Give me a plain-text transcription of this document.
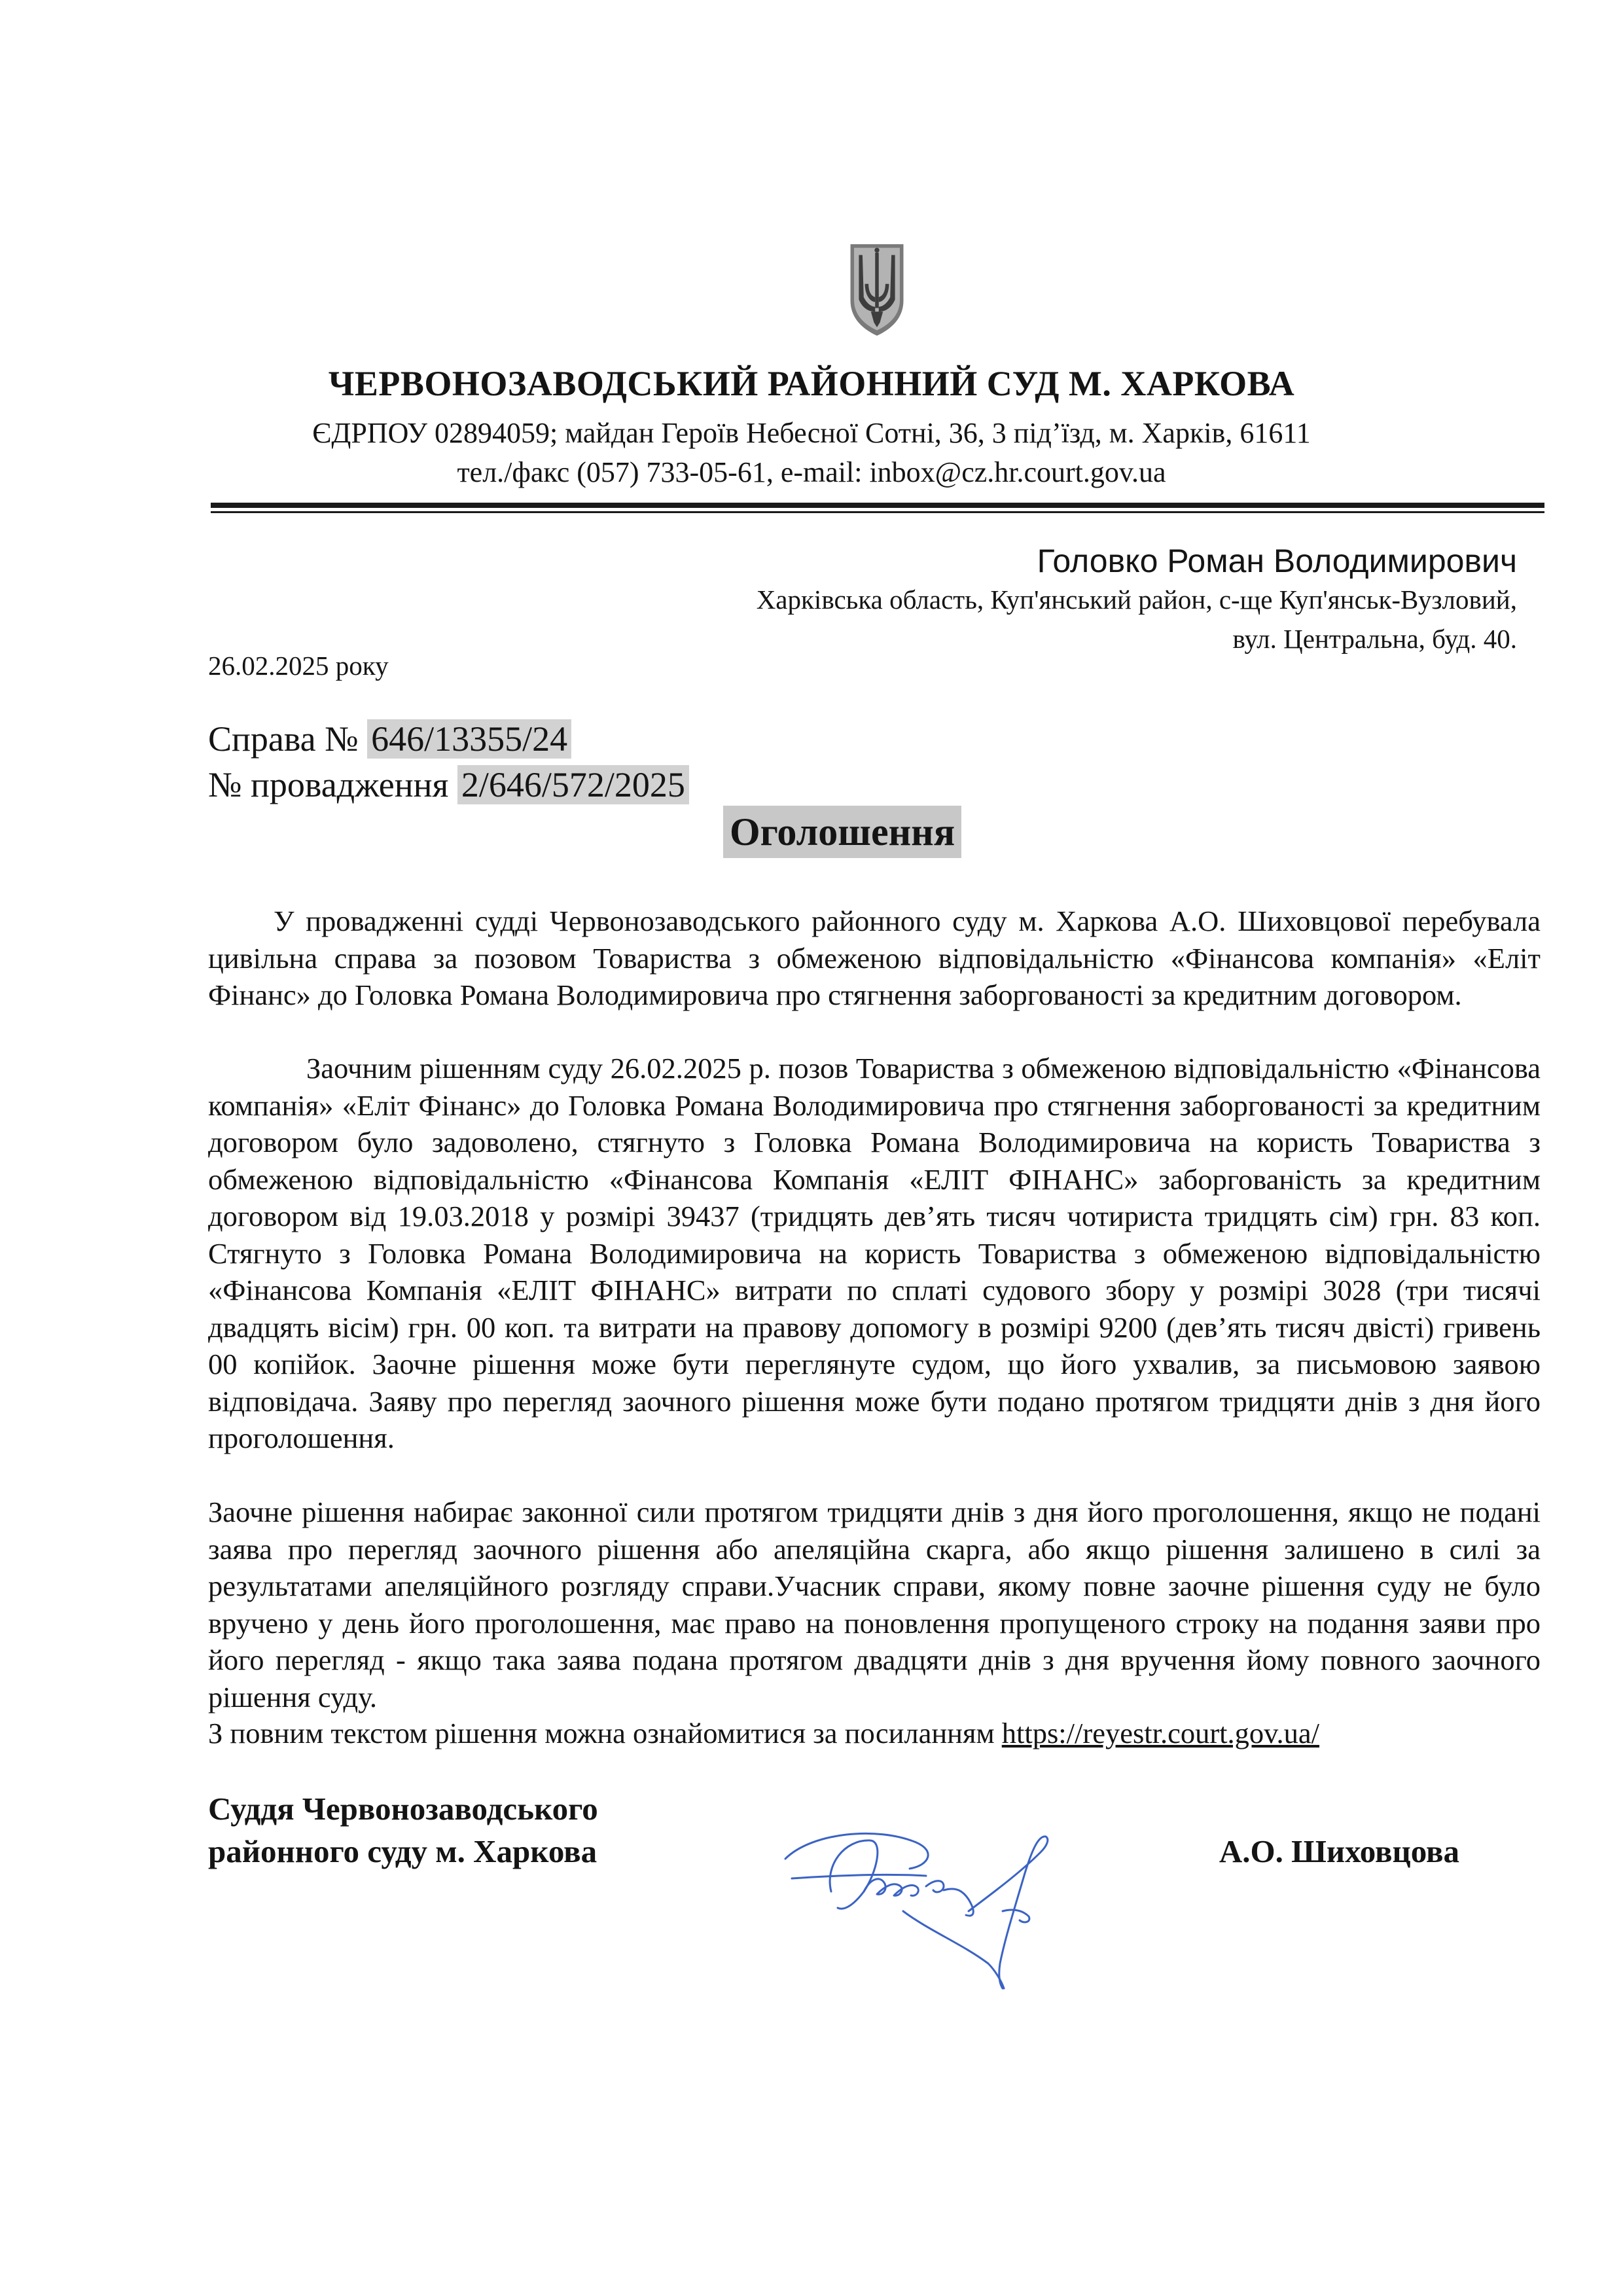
ЧЕРВОНОЗАВОДСЬКИЙ РАЙОННИЙ СУД М. ХАРКОВА
ЄДРПОУ 02894059; майдан Героїв Небесної Сотні, 36, 3 під’їзд, м. Харків, 61611
тел./факс (057) 733-05-61, e-mail: inbox@cz.hr.court.gov.ua
Головко Роман Володимирович
Харківська область, Куп'янський район, с-ще Куп'янськ-Вузловий,
вул. Центральна, буд. 40.
26.02.2025 року
Справа № 646/13355/24
№ провадження 2/646/572/2025
Оголошення
У провадженні судді Червонозаводського районного суду м. Харкова А.О. Шиховцової перебувала цивільна справа за позовом Товариства з обмеженою відповідальністю «Фінансова компанія» «Еліт Фінанс» до Головка Романа Володимировича про стягнення заборгованості за кредитним договором.
Заочним рішенням суду 26.02.2025 р. позов Товариства з обмеженою відповідальністю «Фінансова компанія» «Еліт Фінанс» до Головка Романа Володимировича про стягнення заборгованості за кредитним договором було задоволено, стягнуто з Головка Романа Володимировича на користь Товариства з обмеженою відповідальністю «Фінансова Компанія «ЕЛІТ ФІНАНС» заборгованість за кредитним договором від 19.03.2018 у розмірі 39437 (тридцять дев’ять тисяч чотириста тридцять сім) грн. 83 коп. Стягнуто з Головка Романа Володимировича на користь Товариства з обмеженою відповідальністю «Фінансова Компанія «ЕЛІТ ФІНАНС» витрати по сплаті судового збору у розмірі 3028 (три тисячі двадцять вісім) грн. 00 коп. та витрати на правову допомогу в розмірі 9200 (дев’ять тисяч двісті) гривень 00 копійок. Заочне рішення може бути переглянуте судом, що його ухвалив, за письмовою заявою відповідача. Заяву про перегляд заочного рішення може бути подано протягом тридцяти днів з дня його проголошення.
Заочне рішення набирає законної сили протягом тридцяти днів з дня його проголошення, якщо не подані заява про перегляд заочного рішення або апеляційна скарга, або якщо рішення залишено в силі за результатами апеляційного розгляду справи.Учасник справи, якому повне заочне рішення суду не було вручено у день його проголошення, має право на поновлення пропущеного строку на подання заяви про його перегляд - якщо така заява подана протягом двадцяти днів з дня вручення йому повного заочного рішення суду.
З повним текстом рішення можна ознайомитися за посиланням https://reyestr.court.gov.ua/
Суддя Червонозаводського
районного суду м. Харкова	А.О. Шиховцова
